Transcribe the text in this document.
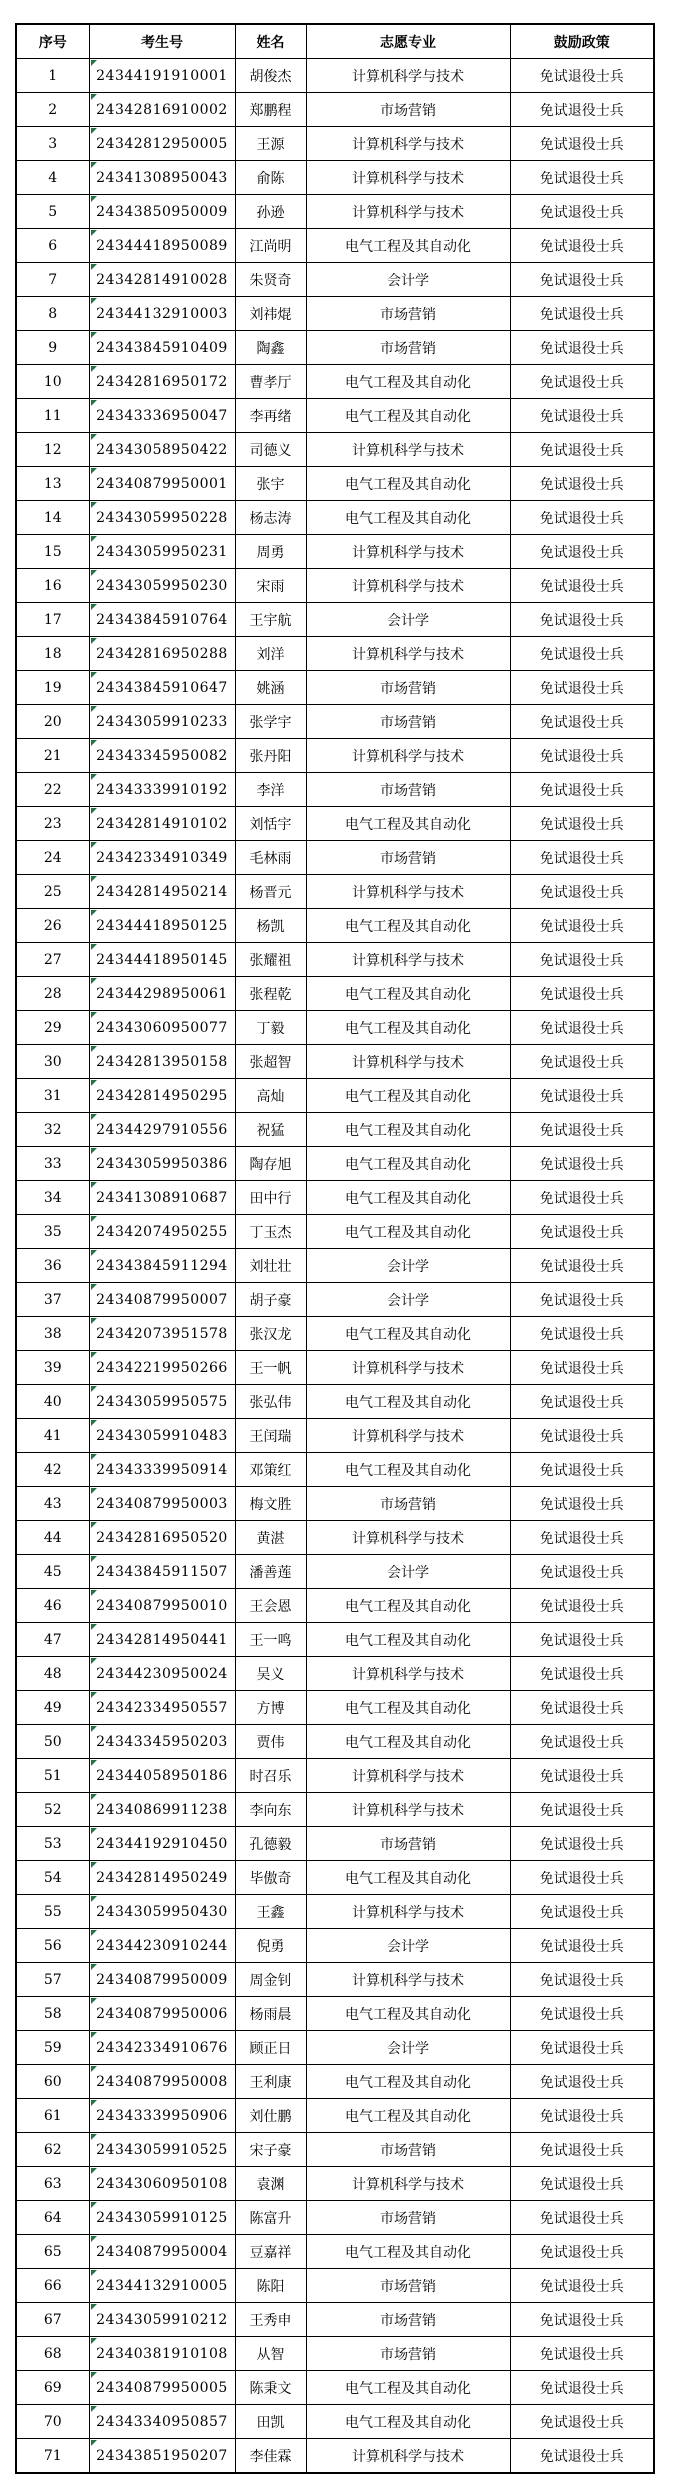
序号	考生号	姓名	志愿专业	鼓励政策
1	24344191910001	胡俊杰	计算机科学与技术	免试退役士兵
2	24342816910002	郑鹏程	市场营销	免试退役士兵
3	24342812950005	王源	计算机科学与技术	免试退役士兵
4	24341308950043	俞陈	计算机科学与技术	免试退役士兵
5	24343850950009	孙逊	计算机科学与技术	免试退役士兵
6	24344418950089	江尚明	电气工程及其自动化	免试退役士兵
7	24342814910028	朱贤奇	会计学	免试退役士兵
8	24344132910003	刘祎焜	市场营销	免试退役士兵
9	24343845910409	陶鑫	市场营销	免试退役士兵
10	24342816950172	曹孝厅	电气工程及其自动化	免试退役士兵
11	24343336950047	李再绪	电气工程及其自动化	免试退役士兵
12	24343058950422	司德义	计算机科学与技术	免试退役士兵
13	24340879950001	张宇	电气工程及其自动化	免试退役士兵
14	24343059950228	杨志涛	电气工程及其自动化	免试退役士兵
15	24343059950231	周勇	计算机科学与技术	免试退役士兵
16	24343059950230	宋雨	计算机科学与技术	免试退役士兵
17	24343845910764	王宇航	会计学	免试退役士兵
18	24342816950288	刘洋	计算机科学与技术	免试退役士兵
19	24343845910647	姚涵	市场营销	免试退役士兵
20	24343059910233	张学宇	市场营销	免试退役士兵
21	24343345950082	张丹阳	计算机科学与技术	免试退役士兵
22	24343339910192	李洋	市场营销	免试退役士兵
23	24342814910102	刘恬宇	电气工程及其自动化	免试退役士兵
24	24342334910349	毛林雨	市场营销	免试退役士兵
25	24342814950214	杨晋元	计算机科学与技术	免试退役士兵
26	24344418950125	杨凯	电气工程及其自动化	免试退役士兵
27	24344418950145	张耀祖	计算机科学与技术	免试退役士兵
28	24344298950061	张程乾	电气工程及其自动化	免试退役士兵
29	24343060950077	丁毅	电气工程及其自动化	免试退役士兵
30	24342813950158	张超智	计算机科学与技术	免试退役士兵
31	24342814950295	高灿	电气工程及其自动化	免试退役士兵
32	24344297910556	祝猛	电气工程及其自动化	免试退役士兵
33	24343059950386	陶存旭	电气工程及其自动化	免试退役士兵
34	24341308910687	田中行	电气工程及其自动化	免试退役士兵
35	24342074950255	丁玉杰	电气工程及其自动化	免试退役士兵
36	24343845911294	刘壮壮	会计学	免试退役士兵
37	24340879950007	胡子豪	会计学	免试退役士兵
38	24342073951578	张汉龙	电气工程及其自动化	免试退役士兵
39	24342219950266	王一帆	计算机科学与技术	免试退役士兵
40	24343059950575	张弘伟	电气工程及其自动化	免试退役士兵
41	24343059910483	王闰瑞	计算机科学与技术	免试退役士兵
42	24343339950914	邓策红	电气工程及其自动化	免试退役士兵
43	24340879950003	梅文胜	市场营销	免试退役士兵
44	24342816950520	黄湛	计算机科学与技术	免试退役士兵
45	24343845911507	潘善莲	会计学	免试退役士兵
46	24340879950010	王会恩	电气工程及其自动化	免试退役士兵
47	24342814950441	王一鸣	电气工程及其自动化	免试退役士兵
48	24344230950024	吴义	计算机科学与技术	免试退役士兵
49	24342334950557	方博	电气工程及其自动化	免试退役士兵
50	24343345950203	贾伟	电气工程及其自动化	免试退役士兵
51	24344058950186	时召乐	计算机科学与技术	免试退役士兵
52	24340869911238	李向东	计算机科学与技术	免试退役士兵
53	24344192910450	孔德毅	市场营销	免试退役士兵
54	24342814950249	毕傲奇	电气工程及其自动化	免试退役士兵
55	24343059950430	王鑫	计算机科学与技术	免试退役士兵
56	24344230910244	倪勇	会计学	免试退役士兵
57	24340879950009	周金钊	计算机科学与技术	免试退役士兵
58	24340879950006	杨雨晨	电气工程及其自动化	免试退役士兵
59	24342334910676	顾正日	会计学	免试退役士兵
60	24340879950008	王利康	电气工程及其自动化	免试退役士兵
61	24343339950906	刘仕鹏	电气工程及其自动化	免试退役士兵
62	24343059910525	宋子豪	市场营销	免试退役士兵
63	24343060950108	袁渊	计算机科学与技术	免试退役士兵
64	24343059910125	陈富升	市场营销	免试退役士兵
65	24340879950004	豆嘉祥	电气工程及其自动化	免试退役士兵
66	24344132910005	陈阳	市场营销	免试退役士兵
67	24343059910212	王秀申	市场营销	免试退役士兵
68	24340381910108	从智	市场营销	免试退役士兵
69	24340879950005	陈秉文	电气工程及其自动化	免试退役士兵
70	24343340950857	田凯	电气工程及其自动化	免试退役士兵
71	24343851950207	李佳霖	计算机科学与技术	免试退役士兵
